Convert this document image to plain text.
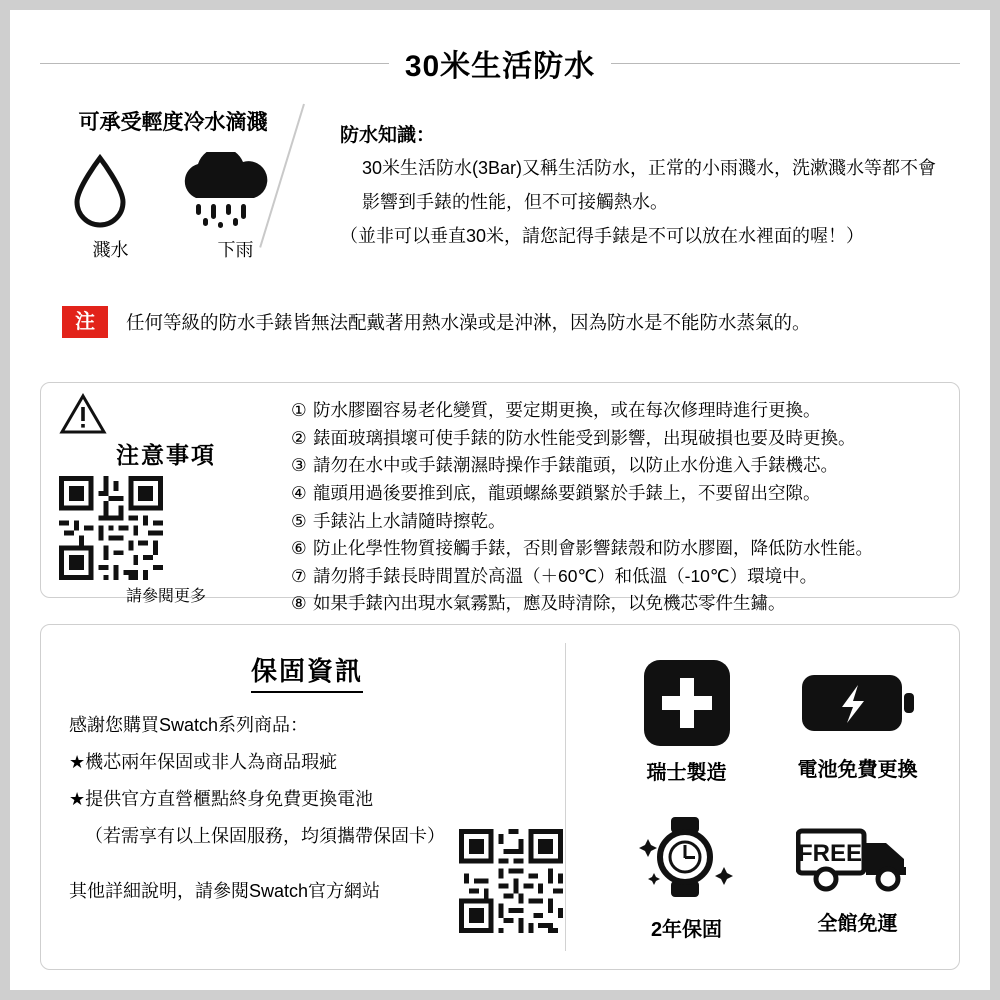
30米生活防水
可承受輕度冷水滴濺
濺水	下雨
防水知識：

30米生活防水(3Bar)又稱生活防水，正常的小雨濺水，洗漱濺水等都不會

影響到手錶的性能，但不可接觸熱水。

（並非可以垂直30米，請您記得手錶是不可以放在水裡面的喔！）

注	任何等級的防水手錶皆無法配戴著用熱水澡或是沖淋，因為防水是不能防水蒸氣的。
注意事項
請參閱更多
① 防水膠圈容易老化變質，要定期更換，或在每次修理時進行更換。
② 錶面玻璃損壞可使手錶的防水性能受到影響，出現破損也要及時更換。
③ 請勿在水中或手錶潮濕時操作手錶龍頭，以防止水份進入手錶機芯。
④ 龍頭用過後要推到底，龍頭螺絲要鎖緊於手錶上，不要留出空隙。
⑤ 手錶沾上水請隨時擦乾。
⑥ 防止化學性物質接觸手錶，否則會影響錶殼和防水膠圈，降低防水性能。
⑦ 請勿將手錶長時間置於高溫（＋60℃）和低溫（-10℃）環境中。
⑧ 如果手錶內出現水氣霧點，應及時清除，以免機芯零件生鏽。
保固資訊

感謝您購買Swatch系列商品：

★機芯兩年保固或非人為商品瑕疵

★提供官方直營櫃點終身免費更換電池

（若需享有以上保固服務，均須攜帶保固卡）

其他詳細說明，請參閱Swatch官方網站
瑞士製造	電池免費更換
2年保固
FREE
全館免運
